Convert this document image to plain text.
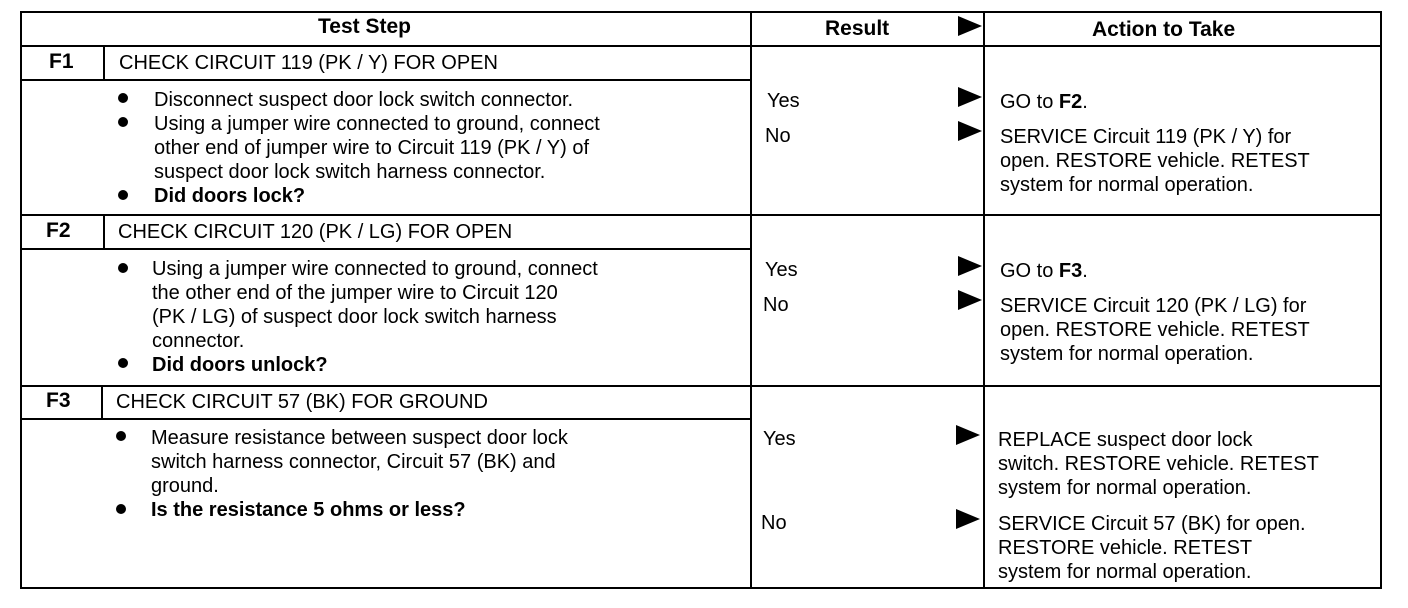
Test Step	Result	Action to Take
F1 CHECK CIRCUIT 119 (PK / Y) FOR OPEN
Disconnect suspect door lock switch connector.
Using a jumper wire connected to ground, connect
other end of jumper wire to Circuit 119 (PK / Y) of
suspect door lock switch harness connector.
Did doors lock?
Yes
No
GO to F2.
SERVICE Circuit 119 (PK / Y) for
open. RESTORE vehicle. RETEST
system for normal operation.
F2 CHECK CIRCUIT 120 (PK / LG) FOR OPEN
Using a jumper wire connected to ground, connect
the other end of the jumper wire to Circuit 120
(PK / LG) of suspect door lock switch harness
connector.
Did doors unlock?
Yes
No
GO to F3.
SERVICE Circuit 120 (PK / LG) for
open. RESTORE vehicle. RETEST
system for normal operation.
F3 CHECK CIRCUIT 57 (BK) FOR GROUND
Measure resistance between suspect door lock
switch harness connector, Circuit 57 (BK) and
ground.
Is the resistance 5 ohms or less?
Yes
No
REPLACE suspect door lock
switch. RESTORE vehicle. RETEST
system for normal operation.
SERVICE Circuit 57 (BK) for open.
RESTORE vehicle. RETEST
system for normal operation.
